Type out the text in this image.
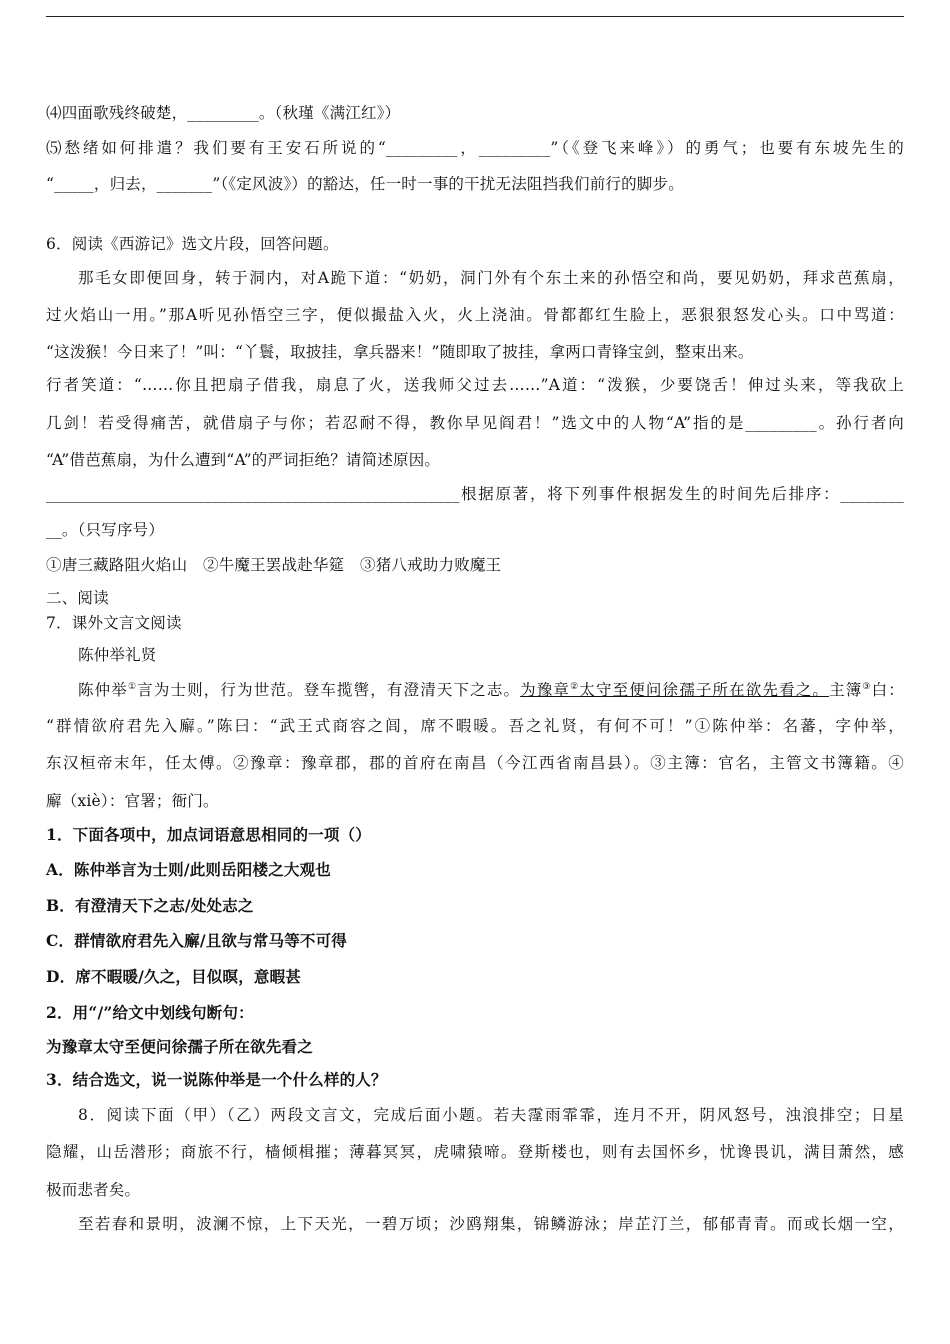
⑷四面歌残终破楚，_________。（秋瑾《满江红》）
⑸愁绪如何排遣？我们要有王安石所说的“_________，_________”（《登飞来峰》）的勇气；也要有东坡先生的
“_____，归去，_______”（《定风波》）的豁达，任一时一事的干扰无法阻挡我们前行的脚步。
6．阅读《西游记》选文片段，回答问题。
那毛女即便回身，转于洞内，对A跪下道：“奶奶，洞门外有个东土来的孙悟空和尚，要见奶奶，拜求芭蕉扇，
过火焰山一用。”那A听见孙悟空三字，便似撮盐入火，火上浇油。骨都都红生脸上，恶狠狠怒发心头。口中骂道：
“这泼猴！今日来了！”叫：“丫鬟，取披挂，拿兵器来！”随即取了披挂，拿两口青锋宝剑，整束出来。
行者笑道：“……你且把扇子借我，扇息了火，送我师父过去……”A道：“泼猴，少要饶舌！伸过头来，等我砍上
几剑！若受得痛苦，就借扇子与你；若忍耐不得，教你早见阎君！”选文中的人物“A”指的是_________。孙行者向
“A”借芭蕉扇，为什么遭到“A”的严词拒绝？请简述原因。
____________________________________________________根据原著，将下列事件根据发生的时间先后排序：________
__。（只写序号）
①唐三藏路阻火焰山　②牛魔王罢战赴华筵　③猪八戒助力败魔王
二、阅读
7．课外文言文阅读
陈仲举礼贤
陈仲举①言为士则，行为世范。登车揽辔，有澄清天下之志。为豫章②太守至便问徐孺子所在欲先看之。主簿③白：
“群情欲府君先入廨。”陈曰：“武王式商容之闾，席不暇暖。吾之礼贤，有何不可！”①陈仲举：名蕃，字仲举，
东汉桓帝末年，任太傅。②豫章：豫章郡，郡的首府在南昌（今江西省南昌县）。③主簿：官名，主管文书簿籍。④
廨（xiè）：官署；衙门。
1．下面各项中，加点词语意思相同的一项（）
A．陈仲举言为士则/此则岳阳楼之大观也
B．有澄清天下之志/处处志之
C．群情欲府君先入廨/且欲与常马等不可得
D．席不暇暖/久之，目似暝，意暇甚
2．用“/”给文中划线句断句：
为豫章太守至便问徐孺子所在欲先看之
3．结合选文，说一说陈仲举是一个什么样的人？
8．阅读下面（甲）（乙）两段文言文，完成后面小题。若夫霪雨霏霏，连月不开，阴风怒号，浊浪排空；日星
隐耀，山岳潜形；商旅不行，樯倾楫摧；薄暮冥冥，虎啸猿啼。登斯楼也，则有去国怀乡，忧谗畏讥，满目萧然，感
极而悲者矣。
至若春和景明，波澜不惊，上下天光，一碧万顷；沙鸥翔集，锦鳞游泳；岸芷汀兰，郁郁青青。而或长烟一空，
